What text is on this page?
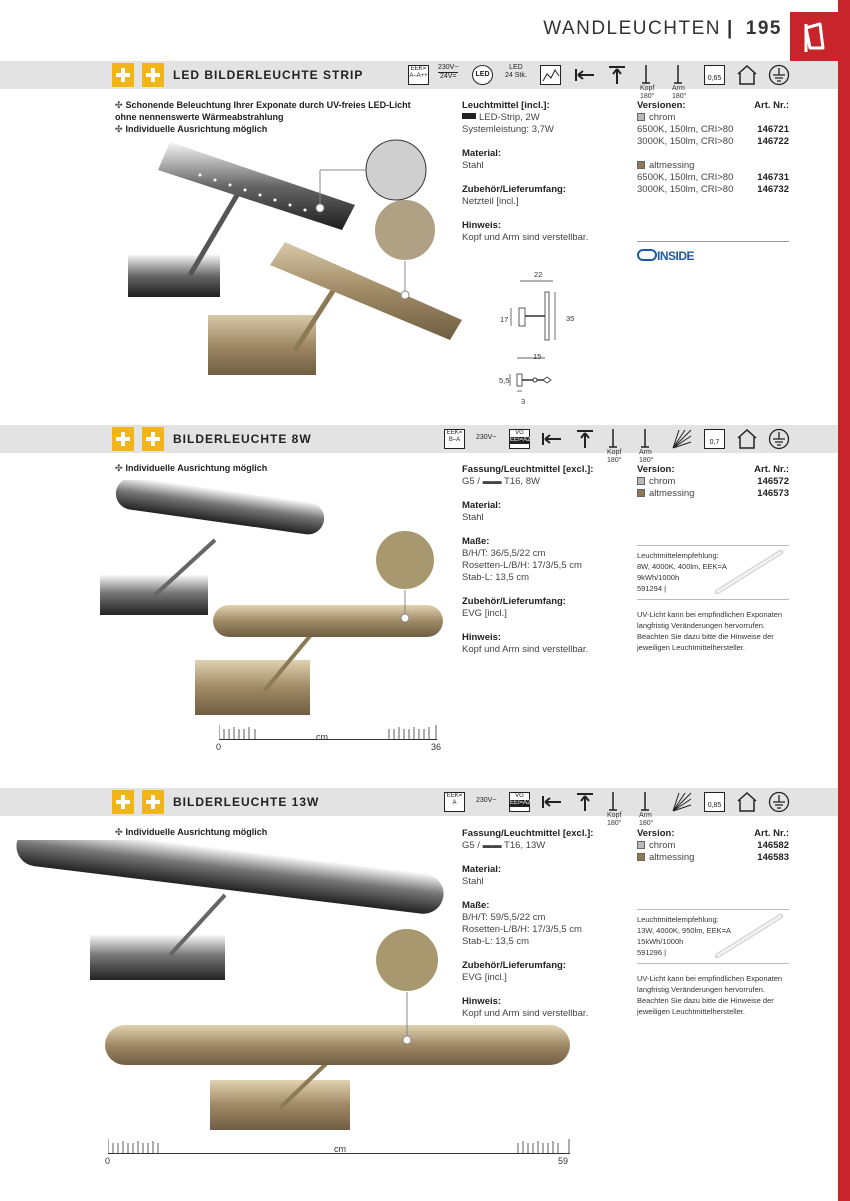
WANDLEUCHTEN | 195
LED BILDERLEUCHTE STRIP	EEK= A–A++
230V~
24V=	LED
LED
24 Stk.
Kopf
180°
Arm
180°
0,65
✣ Schonende Beleuchtung Ihrer Exponate durch UV-freies LED-Licht ohne nennenswerte Wärmeabstrahlung
✣ Individuelle Ausrichtung möglich
Leuchtmittel [incl.]:
LED-Strip, 2W
Systemleistung: 3,7W
Material:
Stahl
Zubehör/Lieferumfang:
Netzteil [incl.]
Hinweis:
Kopf und Arm sind verstellbar.
Versionen:	Art. Nr.:
chrom
6500K, 150lm, CRI>80	146721
3000K, 150lm, CRI>80	146722
altmessing
6500K, 150lm, CRI>80	146731
3000K, 150lm, CRI>80	146732
INSIDE
22
35
17
15
5,5
3
BILDERLEUCHTE 8W	EEK= B–A	230V~
VG
EEI=A2
Kopf
180°
Arm
180°
0,7
✣ Individuelle Ausrichtung möglich
0
cm
36
Fassung/Leuchtmittel [excl.]:
G5 / ▬▬ T16, 8W
Material:
Stahl
Maße:
B/H/T: 36/5,5/22 cm
Rosetten-L/B/H: 17/3/5,5 cm
Stab-L: 13,5 cm
Zubehör/Lieferumfang:
EVG [incl.]
Hinweis:
Kopf und Arm sind verstellbar.
Version:	Art. Nr.:
chrom	146572
altmessing	146573
Leuchtmittelempfehlung:
8W, 4000K, 400lm, EEK=A
9kWh/1000h
591294 |
UV-Licht kann bei empfindlichen Exponaten
langfristig Veränderungen hervorrufen.
Beachten Sie dazu bitte die Hinweise der
jeweiligen Leuchtmittelhersteller.
BILDERLEUCHTE 13W	EEK= A	230V~
VG
EEI=A2
Kopf
180°
Arm
180°
0,85
✣ Individuelle Ausrichtung möglich
0
cm
59
Fassung/Leuchtmittel [excl.]:
G5 / ▬▬ T16, 13W
Material:
Stahl
Maße:
B/H/T: 59/5,5/22 cm
Rosetten-L/B/H: 17/3/5,5 cm
Stab-L: 13,5 cm
Zubehör/Lieferumfang:
EVG [incl.]
Hinweis:
Kopf und Arm sind verstellbar.
Version:	Art. Nr.:
chrom	146582
altmessing	146583
Leuchtmittelempfehlung:
13W, 4000K, 950lm, EEK=A
15kWh/1000h
591296 |
UV-Licht kann bei empfindlichen Exponaten
langfristig Veränderungen hervorrufen.
Beachten Sie dazu bitte die Hinweise der
jeweiligen Leuchtmittelhersteller.
